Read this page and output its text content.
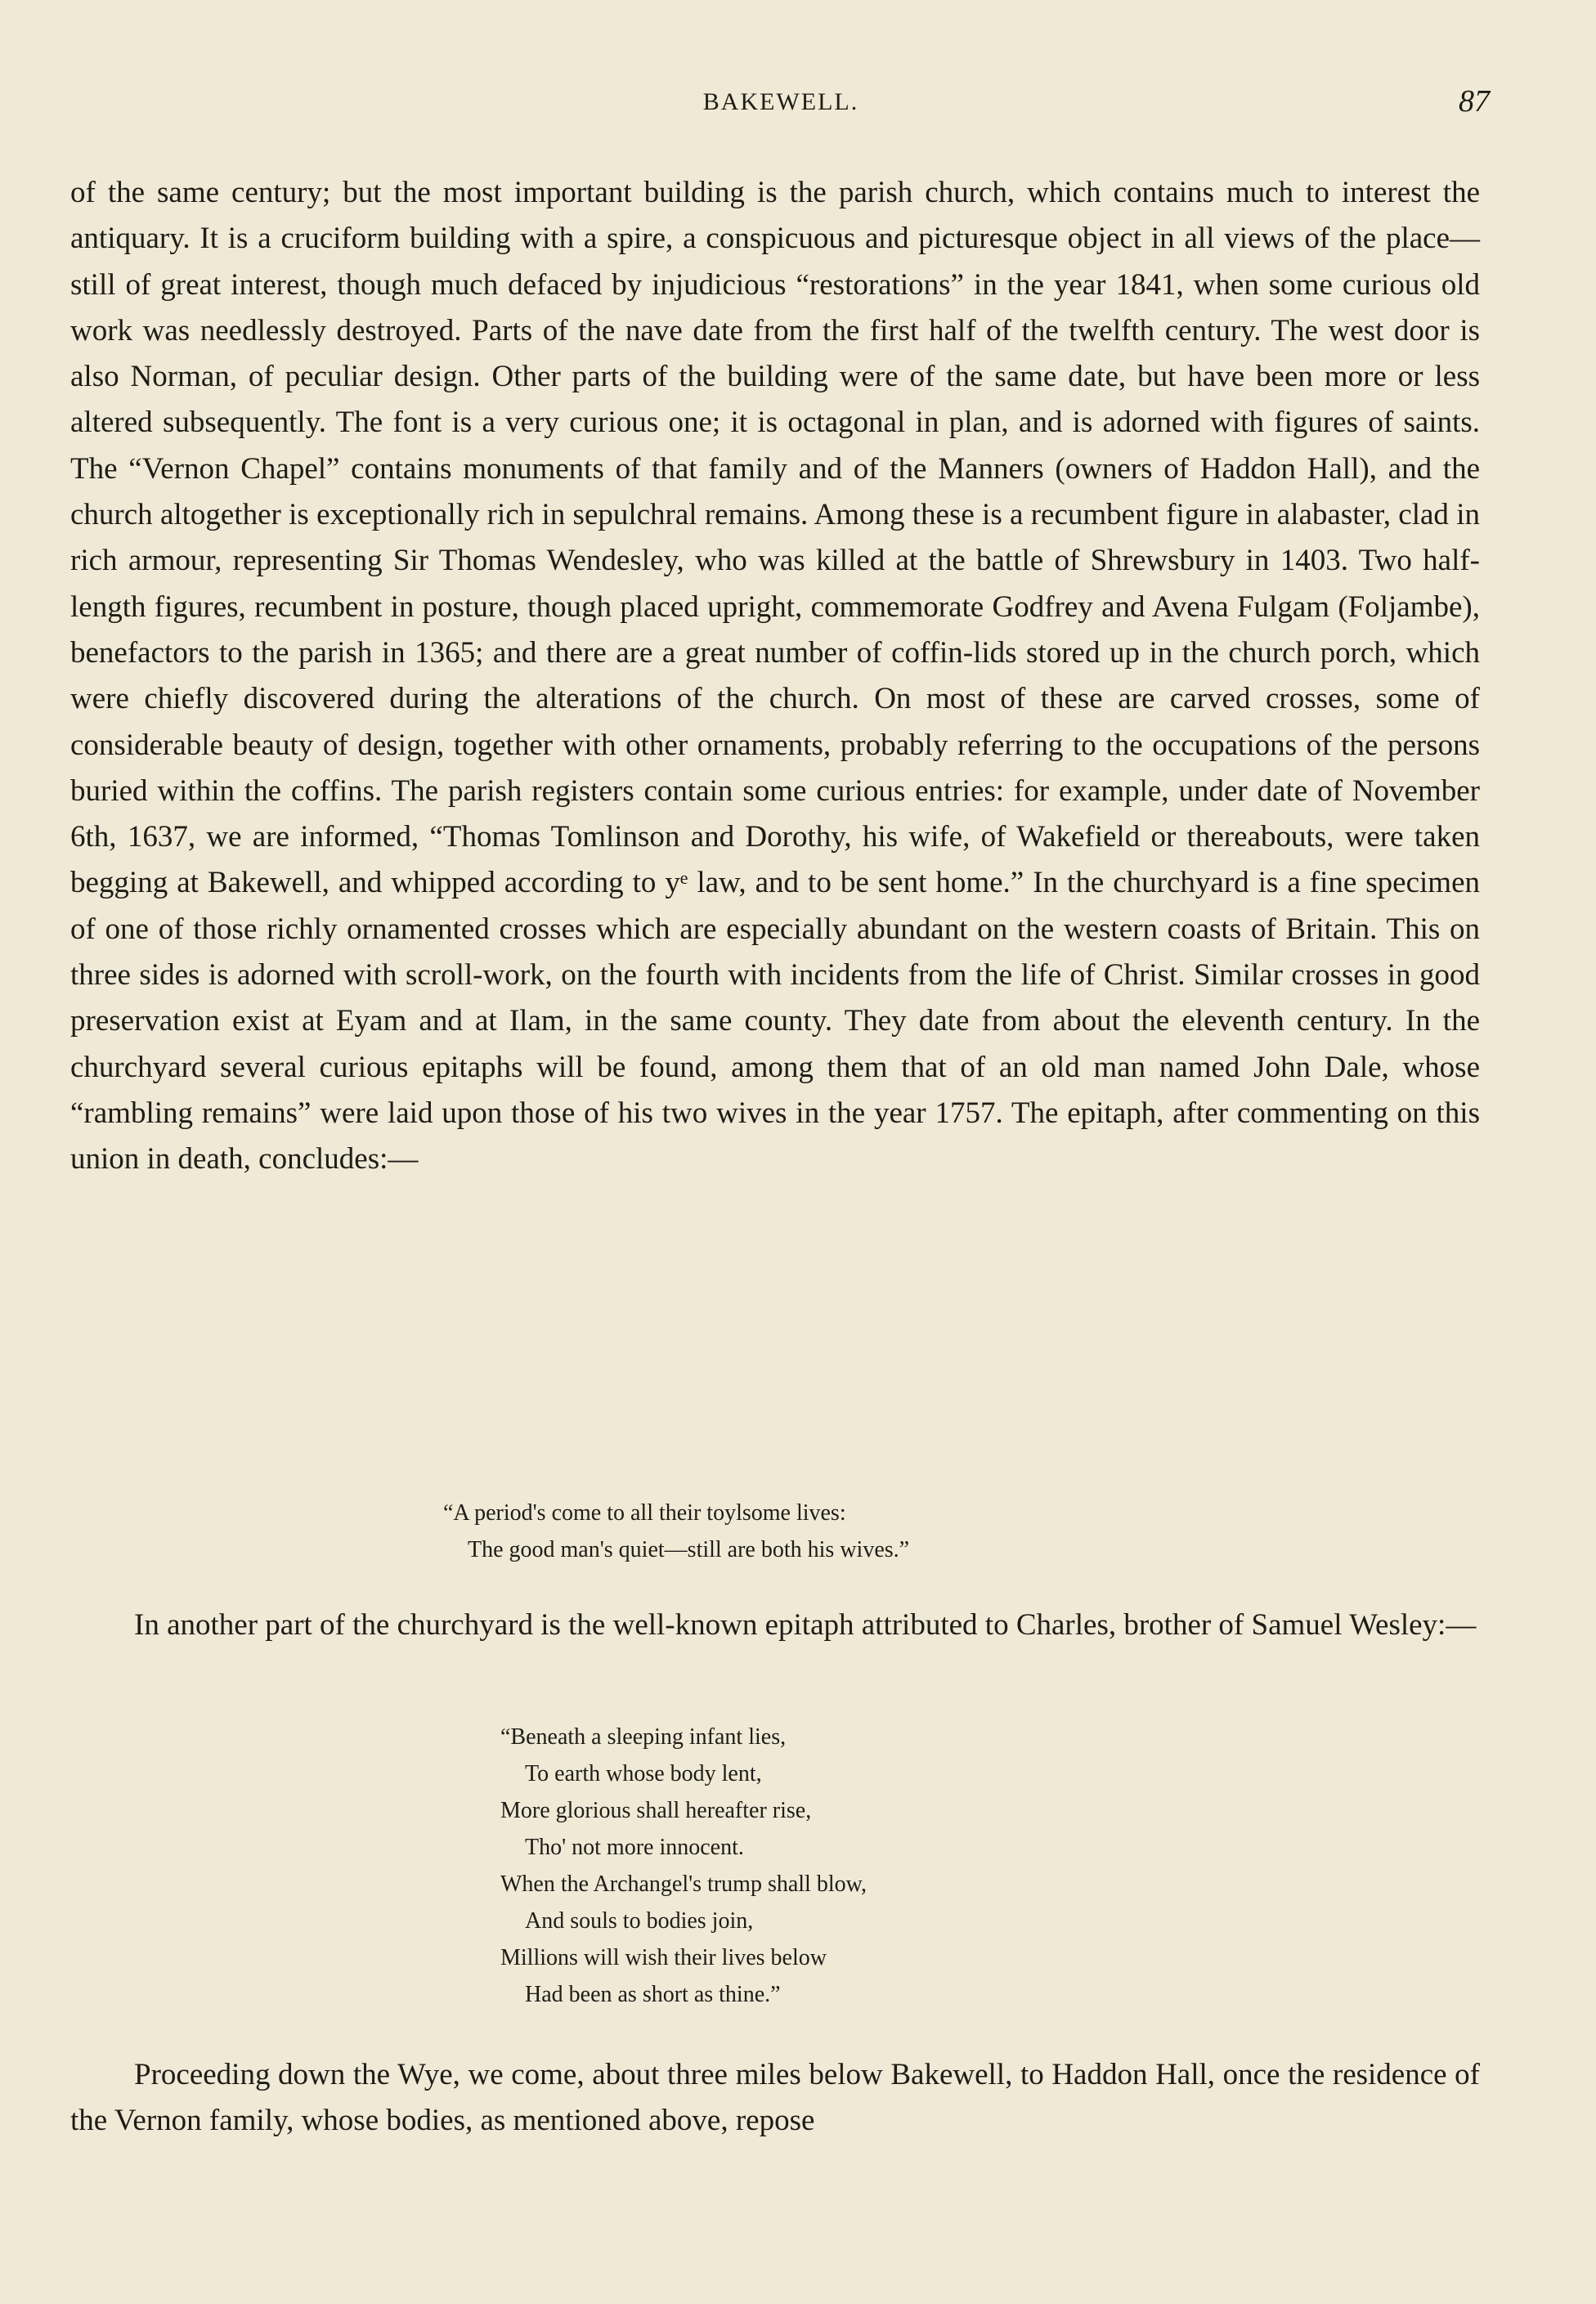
BAKEWELL.	87

of the same century; but the most important building is the parish church, which contains much to interest the antiquary. It is a cruciform building with a spire, a conspicuous and picturesque object in all views of the place—still of great interest, though much defaced by injudicious “restorations” in the year 1841, when some curious old work was needlessly destroyed. Parts of the nave date from the first half of the twelfth century. The west door is also Norman, of peculiar design. Other parts of the building were of the same date, but have been more or less altered subsequently. The font is a very curious one; it is octagonal in plan, and is adorned with figures of saints. The “Vernon Chapel” contains monuments of that family and of the Manners (owners of Haddon Hall), and the church altogether is exceptionally rich in sepulchral remains. Among these is a recumbent figure in alabaster, clad in rich armour, representing Sir Thomas Wendesley, who was killed at the battle of Shrewsbury in 1403. Two half-length figures, recumbent in posture, though placed upright, commemorate Godfrey and Avena Fulgam (Foljambe), benefactors to the parish in 1365; and there are a great number of coffin-lids stored up in the church porch, which were chiefly discovered during the alterations of the church. On most of these are carved crosses, some of considerable beauty of design, together with other ornaments, probably referring to the occupations of the persons buried within the coffins. The parish registers contain some curious entries: for example, under date of November 6th, 1637, we are informed, “Thomas Tomlinson and Dorothy, his wife, of Wakefield or thereabouts, were taken begging at Bakewell, and whipped according to yᵉ law, and to be sent home.” In the churchyard is a fine specimen of one of those richly ornamented crosses which are especially abundant on the western coasts of Britain. This on three sides is adorned with scroll-work, on the fourth with incidents from the life of Christ. Similar crosses in good preservation exist at Eyam and at Ilam, in the same county. They date from about the eleventh century. In the churchyard several curious epitaphs will be found, among them that of an old man named John Dale, whose “rambling remains” were laid upon those of his two wives in the year 1757. The epitaph, after commenting on this union in death, concludes:—

“A period's come to all their toylsome lives:
The good man's quiet—still are both his wives.”

In another part of the churchyard is the well-known epitaph attributed to Charles, brother of Samuel Wesley:—

“Beneath a sleeping infant lies,
To earth whose body lent,
More glorious shall hereafter rise,
Tho' not more innocent.
When the Archangel's trump shall blow,
And souls to bodies join,
Millions will wish their lives below
Had been as short as thine.”

Proceeding down the Wye, we come, about three miles below Bakewell, to Haddon Hall, once the residence of the Vernon family, whose bodies, as mentioned above, repose
